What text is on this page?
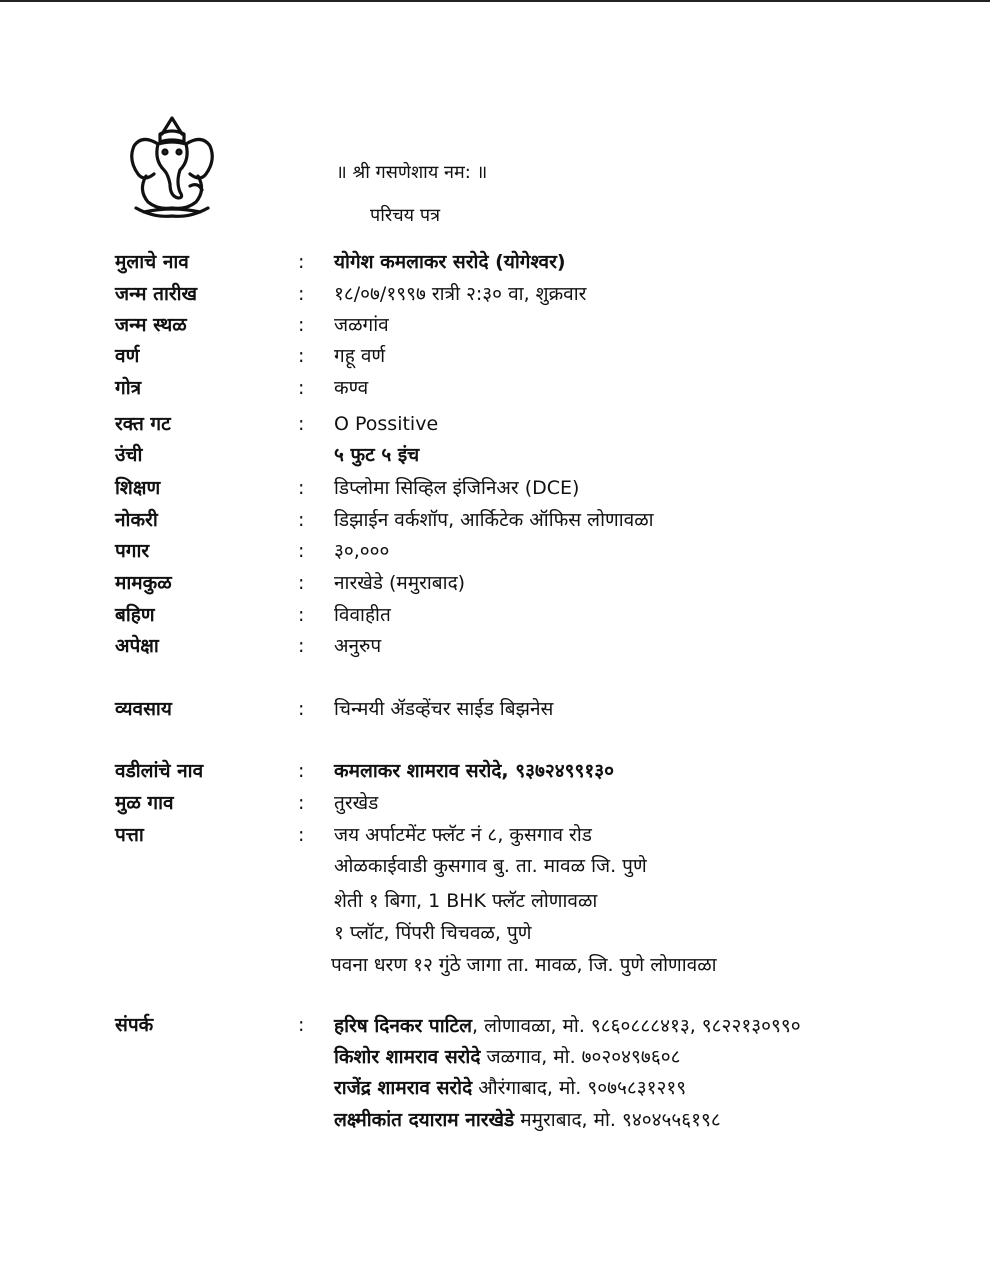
॥ श्री गसणेशाय नम: ॥
परिचय पत्र
मुलाचे नाव	: योगेश कमलाकर सरोदे (योगेश्वर)
जन्म तारीख	: १८/०७/१९९७ रात्री २:३० वा, शुक्रवार
जन्म स्थळ	: जळगांव
वर्ण	: गहू वर्ण
गोत्र	: कण्व
रक्त गट	: O Possitive
उंची	५ फुट ५ इंच
शिक्षण	: डिप्लोमा सिव्हिल इंजिनिअर (DCE)
नोकरी	: डिझाईन वर्कशॉप, आर्किटेक ऑफिस लोणावळा
पगार	: ३०,०००
मामकुळ	: नारखेडे (ममुराबाद)
बहिण	: विवाहीत
अपेक्षा	: अनुरुप
व्यवसाय	: चिन्मयी ॲडव्हेंचर साईड बिझनेस
वडीलांचे नाव	: कमलाकर शामराव सरोदे, ९३७२४९९१३०
मुळ गाव	: तुरखेड
पत्ता	: जय अर्पाटमेंट फ्लॅट नं ८, कुसगाव रोड
ओळकाईवाडी कुसगाव बु. ता. मावळ जि. पुणे
शेती १ बिगा, 1 BHK फ्लॅट लोणावळा
१ प्लॉट, पिंपरी चिचवळ, पुणे
पवना धरण १२ गुंठे जागा ता. मावळ, जि. पुणे लोणावळा
संपर्क	: हरिष दिनकर पाटिल, लोणावळा, मो. ९८६०८८८४१३, ९८२२१३०९९०
किशोर शामराव सरोदे जळगाव, मो. ७०२०४९७६०८
राजेंद्र शामराव सरोदे औरंगाबाद, मो. ९०७५८३१२१९
लक्ष्मीकांत दयाराम नारखेडे ममुराबाद, मो. ९४०४५५६१९८
